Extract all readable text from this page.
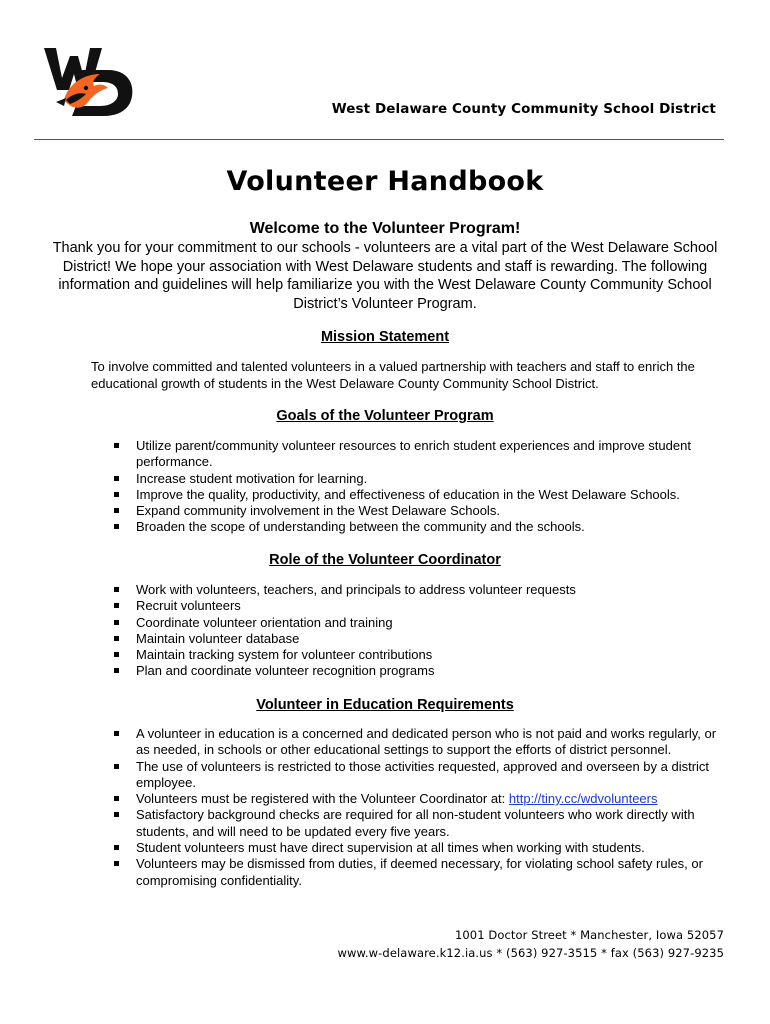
West Delaware County Community School District
Volunteer Handbook
Welcome to the Volunteer Program!
Thank you for your commitment to our schools - volunteers are a vital part of the West Delaware School District! We hope your association with West Delaware students and staff is rewarding. The following information and guidelines will help familiarize you with the West Delaware County Community School District’s Volunteer Program.
Mission Statement
To involve committed and talented volunteers in a valued partnership with teachers and staff to enrich the educational growth of students in the West Delaware County Community School District.
Goals of the Volunteer Program
Utilize parent/community volunteer resources to enrich student experiences and improve student performance.
Increase student motivation for learning.
Improve the quality, productivity, and effectiveness of education in the West Delaware Schools.
Expand community involvement in the West Delaware Schools.
Broaden the scope of understanding between the community and the schools.
Role of the Volunteer Coordinator
Work with volunteers, teachers, and principals to address volunteer requests
Recruit volunteers
Coordinate volunteer orientation and training
Maintain volunteer database
Maintain tracking system for volunteer contributions
Plan and coordinate volunteer recognition programs
Volunteer in Education Requirements
A volunteer in education is a concerned and dedicated person who is not paid and works regularly, or as needed, in schools or other educational settings to support the efforts of district personnel.
The use of volunteers is restricted to those activities requested, approved and overseen by a district employee.
Volunteers must be registered with the Volunteer Coordinator at: http://tiny.cc/wdvolunteers
Satisfactory background checks are required for all non-student volunteers who work directly with students, and will need to be updated every five years.
Student volunteers must have direct supervision at all times when working with students.
Volunteers may be dismissed from duties, if deemed necessary, for violating school safety rules, or compromising confidentiality.
1001 Doctor Street * Manchester, Iowa 52057
www.w-delaware.k12.ia.us * (563) 927-3515 * fax (563) 927-9235
